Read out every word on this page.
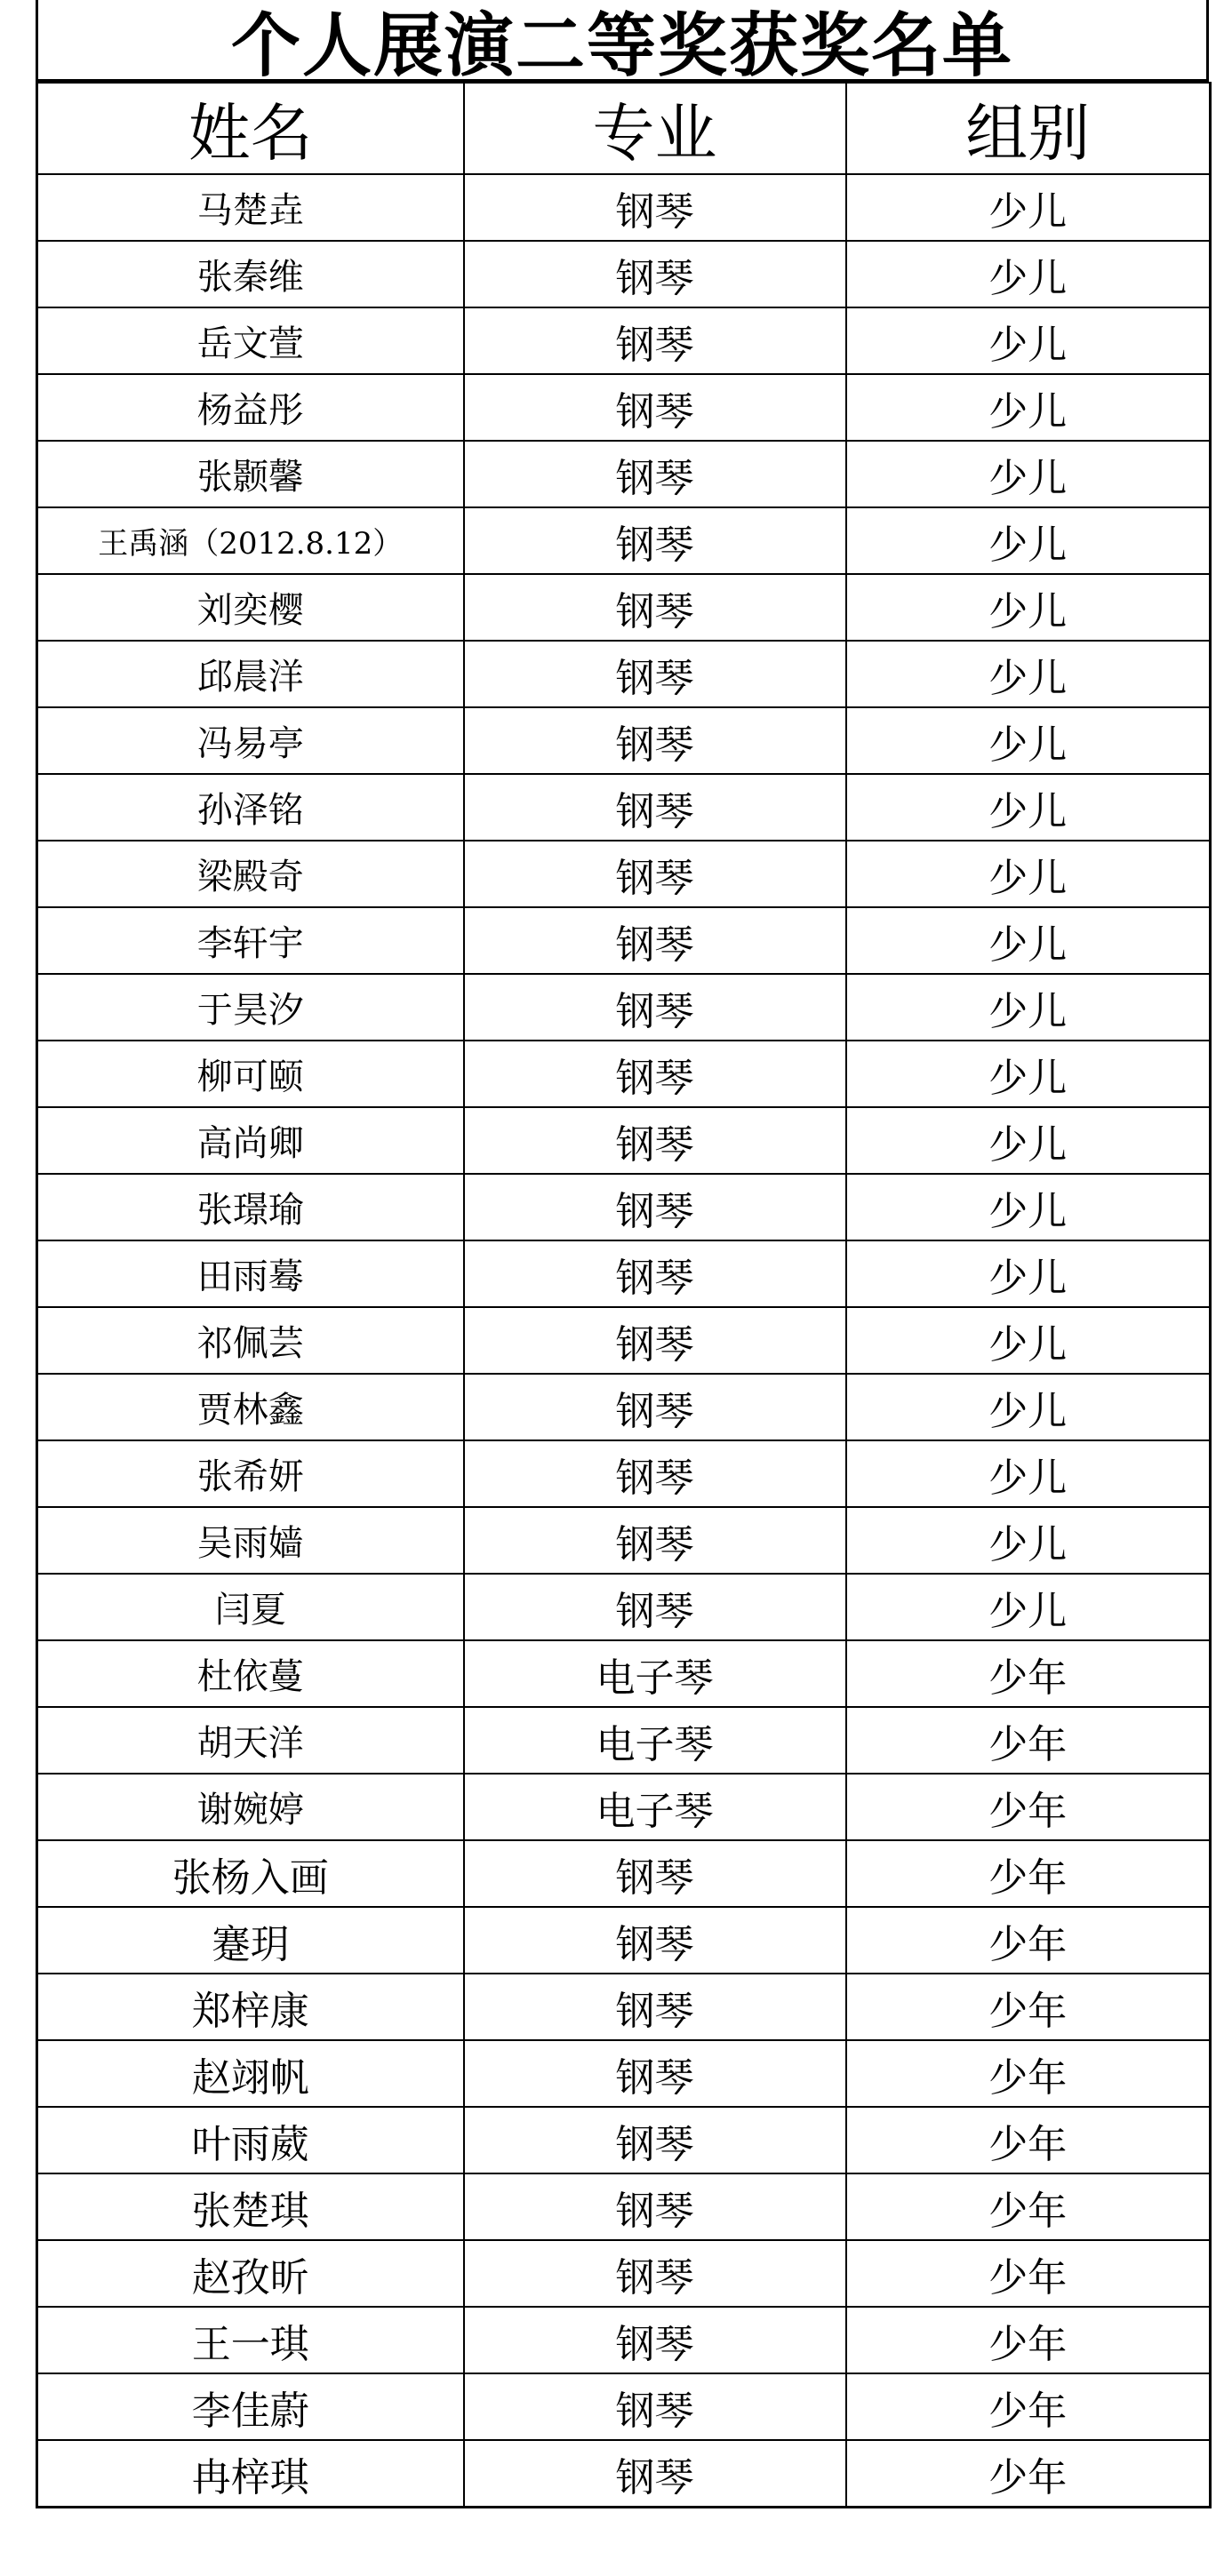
个人展演二等奖获奖名单
姓名	专业	组别
马楚垚	钢琴	少儿
张秦维	钢琴	少儿
岳文萱	钢琴	少儿
杨益彤	钢琴	少儿
张颢馨	钢琴	少儿
王禹涵（2012.8.12）	钢琴	少儿
刘奕樱	钢琴	少儿
邱晨洋	钢琴	少儿
冯易亭	钢琴	少儿
孙泽铭	钢琴	少儿
梁殿奇	钢琴	少儿
李轩宇	钢琴	少儿
于昊汐	钢琴	少儿
柳可颐	钢琴	少儿
高尚卿	钢琴	少儿
张璟瑜	钢琴	少儿
田雨蓦	钢琴	少儿
祁佩芸	钢琴	少儿
贾林鑫	钢琴	少儿
张希妍	钢琴	少儿
吴雨嫱	钢琴	少儿
闫夏	钢琴	少儿
杜依蔓	电子琴	少年
胡天洋	电子琴	少年
谢婉婷	电子琴	少年
张杨入画	钢琴	少年
蹇玥	钢琴	少年
郑梓康	钢琴	少年
赵翊帆	钢琴	少年
叶雨葳	钢琴	少年
张楚琪	钢琴	少年
赵孜昕	钢琴	少年
王一琪	钢琴	少年
李佳蔚	钢琴	少年
冉梓琪	钢琴	少年
